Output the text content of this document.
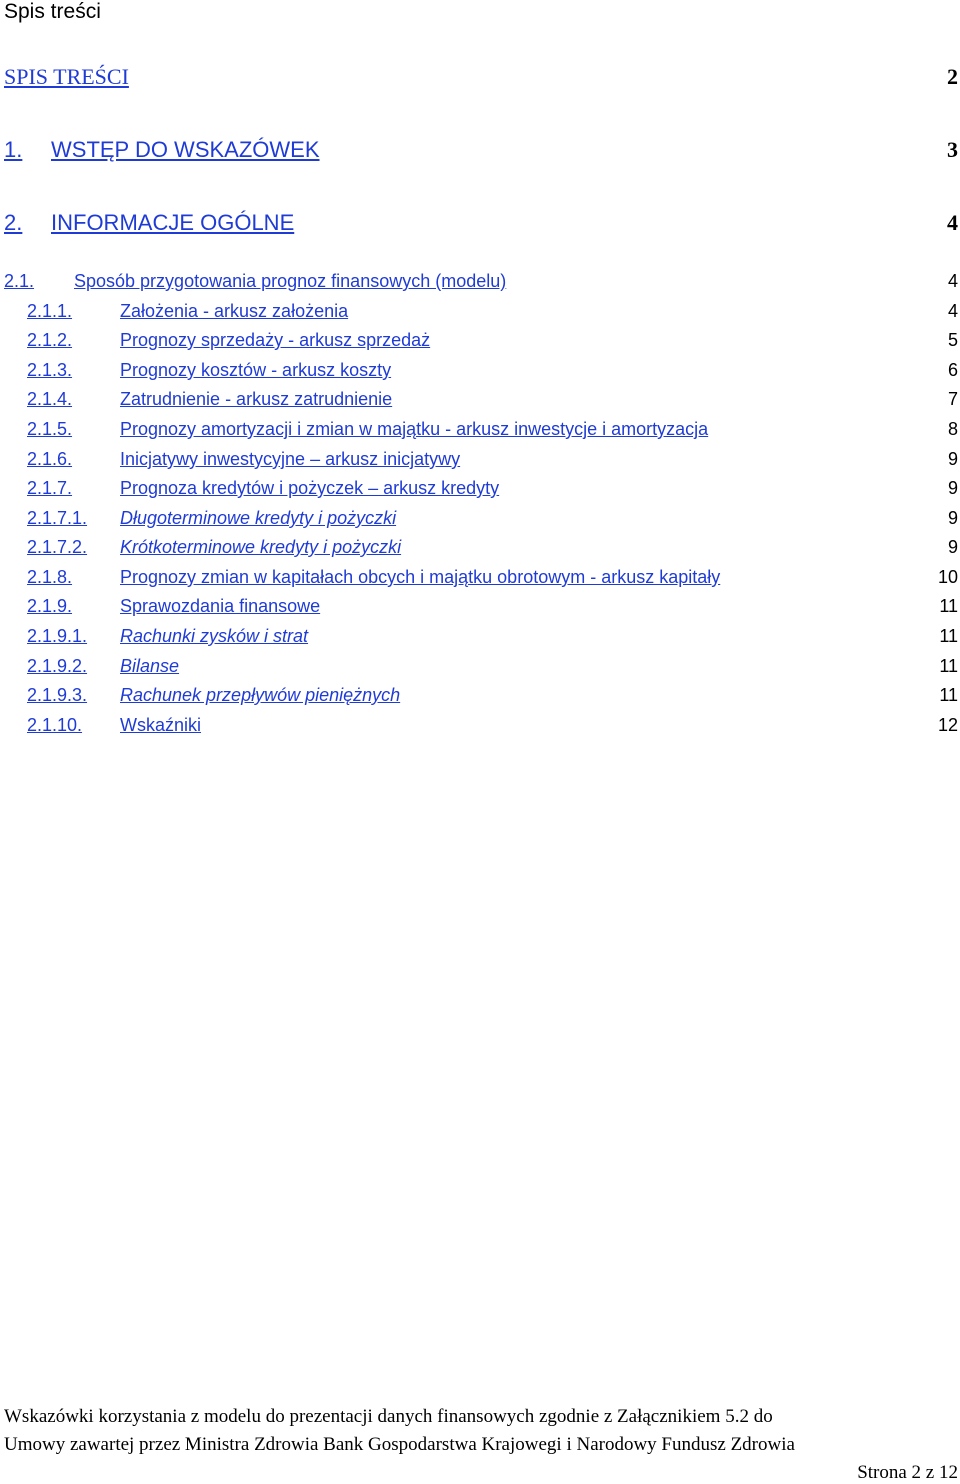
Spis treści
SPIS TREŚCI	2
1. WSTĘP DO WSKAZÓWEK	3
2. INFORMACJE OGÓLNE	4
2.1. Sposób przygotowania prognoz finansowych (modelu)	4
2.1.1.	Założenia - arkusz założenia	4
2.1.2.	Prognozy sprzedaży - arkusz sprzedaż	5
2.1.3.	Prognozy kosztów - arkusz koszty	6
2.1.4.	Zatrudnienie - arkusz zatrudnienie	7
2.1.5.	Prognozy amortyzacji i zmian w majątku - arkusz inwestycje i amortyzacja	8
2.1.6.	Inicjatywy inwestycyjne – arkusz inicjatywy	9
2.1.7.	Prognoza kredytów i pożyczek – arkusz kredyty	9
2.1.7.1. Długoterminowe kredyty i pożyczki	9
2.1.7.2. Krótkoterminowe kredyty i pożyczki	9
2.1.8.	Prognozy zmian w kapitałach obcych i majątku obrotowym - arkusz kapitały	10
2.1.9.	Sprawozdania finansowe	11
2.1.9.1. Rachunki zysków i strat	11
2.1.9.2. Bilanse	11
2.1.9.3. Rachunek przepływów pieniężnych	11
2.1.10. Wskaźniki	12
Wskazówki korzystania z modelu do prezentacji danych finansowych zgodnie z Załącznikiem 5.2 do
Umowy zawartej przez Ministra Zdrowia Bank Gospodarstwa Krajowegi i Narodowy Fundusz Zdrowia
Strona 2 z 12
